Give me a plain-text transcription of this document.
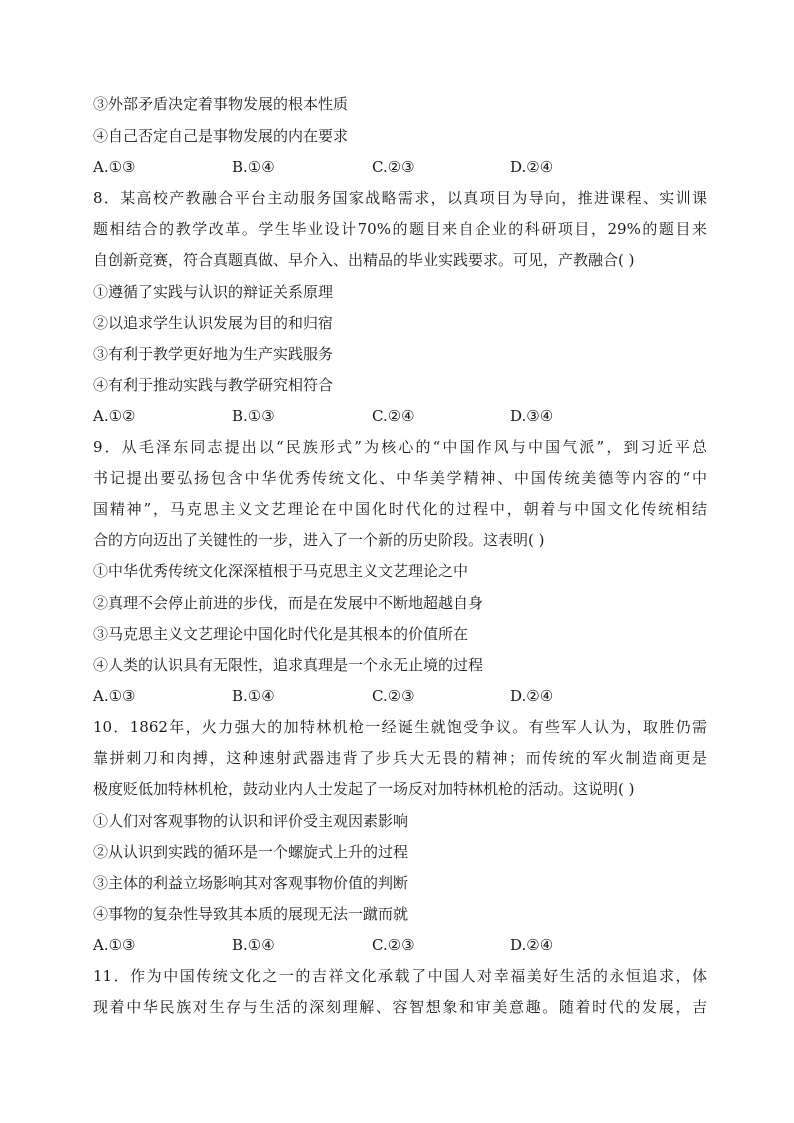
③外部矛盾决定着事物发展的根本性质
④自己否定自己是事物发展的内在要求
A.①③	B.①④	C.②③	D.②④
8．某高校产教融合平台主动服务国家战略需求，以真项目为导向，推进课程、实训课
题相结合的教学改革。学生毕业设计70%的题目来自企业的科研项目，29%的题目来
自创新竞赛，符合真题真做、早介入、出精品的毕业实践要求。可见，产教融合( )
①遵循了实践与认识的辩证关系原理
②以追求学生认识发展为目的和归宿
③有利于教学更好地为生产实践服务
④有利于推动实践与教学研究相符合
A.①②	B.①③	C.②④	D.③④
9．从毛泽东同志提出以“民族形式”为核心的“中国作风与中国气派”，到习近平总
书记提出要弘扬包含中华优秀传统文化、中华美学精神、中国传统美德等内容的“中
国精神”，马克思主义文艺理论在中国化时代化的过程中，朝着与中国文化传统相结
合的方向迈出了关键性的一步，进入了一个新的历史阶段。这表明( )
①中华优秀传统文化深深植根于马克思主义文艺理论之中
②真理不会停止前进的步伐，而是在发展中不断地超越自身
③马克思主义文艺理论中国化时代化是其根本的价值所在
④人类的认识具有无限性，追求真理是一个永无止境的过程
A.①③	B.①④	C.②③	D.②④
10．1862年，火力强大的加特林机枪一经诞生就饱受争议。有些军人认为，取胜仍需
靠拼刺刀和肉搏，这种速射武器违背了步兵大无畏的精神；而传统的军火制造商更是
极度贬低加特林机枪，鼓动业内人士发起了一场反对加特林机枪的活动。这说明( )
①人们对客观事物的认识和评价受主观因素影响
②从认识到实践的循环是一个螺旋式上升的过程
③主体的利益立场影响其对客观事物价值的判断
④事物的复杂性导致其本质的展现无法一蹴而就
A.①③	B.①④	C.②③	D.②④
11．作为中国传统文化之一的吉祥文化承载了中国人对幸福美好生活的永恒追求，体
现着中华民族对生存与生活的深刻理解、容智想象和审美意趣。随着时代的发展，吉
